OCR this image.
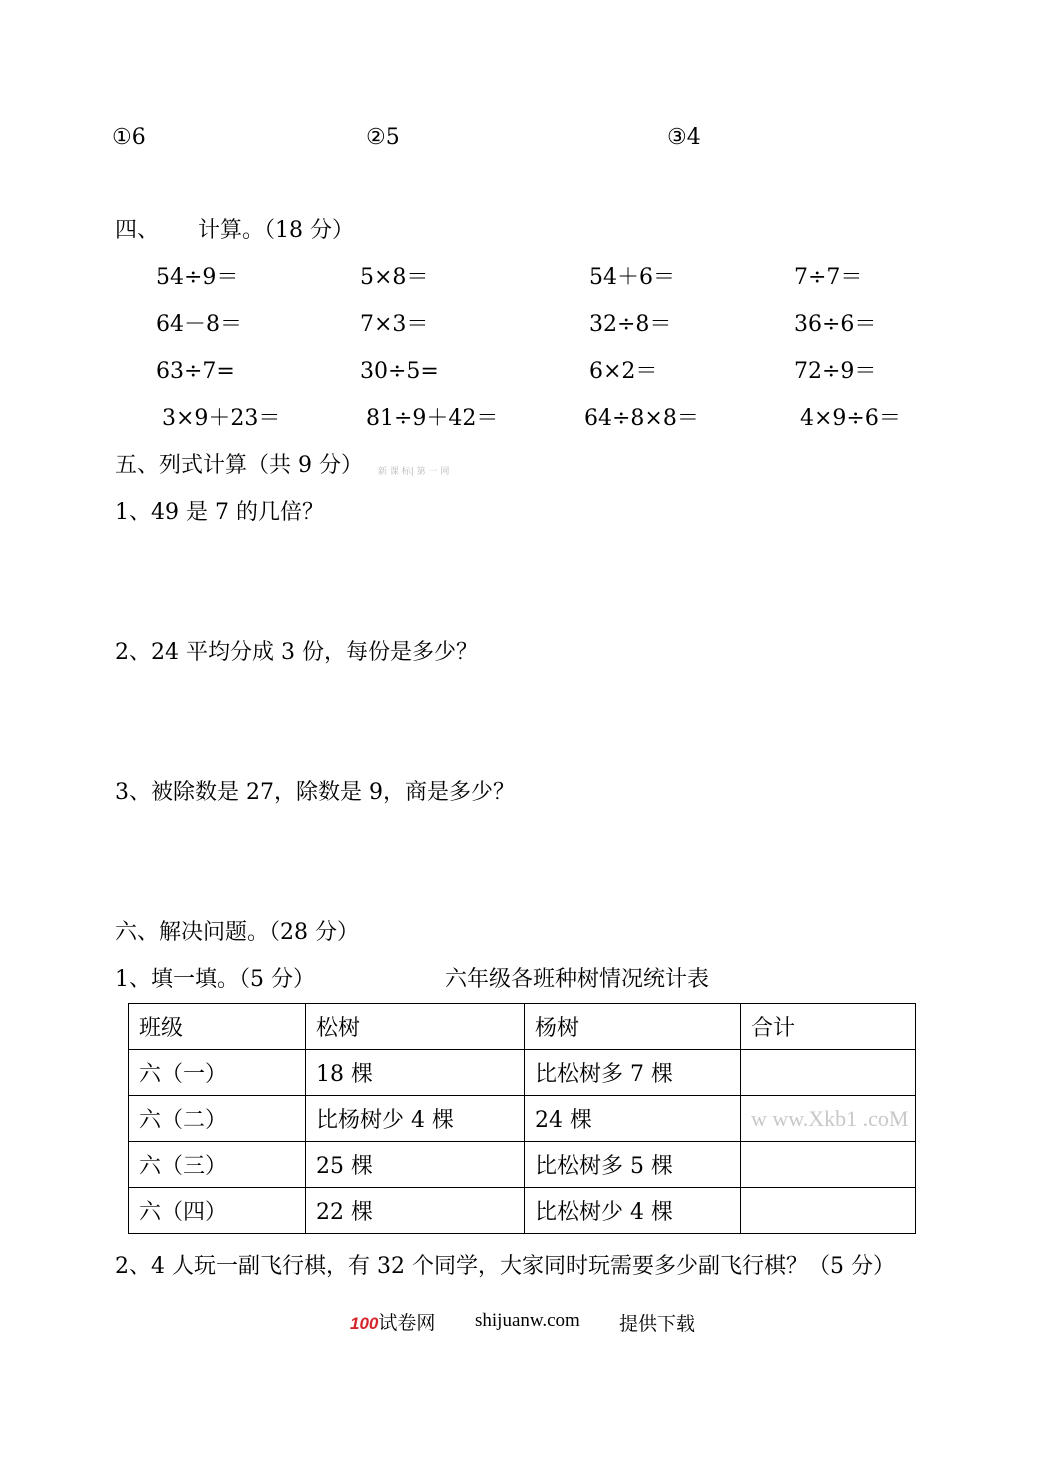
①6	②5	③4
四、 计算。（18 分）
54÷9＝	5×8＝	54＋6＝	7÷7＝
64－8＝	7×3＝	32÷8＝	36÷6＝
63÷7=	30÷5=	6×2＝	72÷9＝
3×9＋23＝	81÷9＋42＝	64÷8×8＝	4×9÷6＝
五、列式计算（共 9 分） 新 课 标| 第 一 网
1、49 是 7 的几倍？
2、24 平均分成 3 份，每份是多少？
3、被除数是 27，除数是 9，商是多少？
六、解决问题。（28 分）
1、填一填。（5 分）	六年级各班种树情况统计表
班级	松树	杨树	合计
六（一）	18 棵	比松树多 7 棵	
六（二）	比杨树少 4 棵	24 棵	w ww.Xkb1 .coM
六（三）	25 棵	比松树多 5 棵	
六（四）	22 棵	比松树少 4 棵	
2、4 人玩一副飞行棋，有 32 个同学，大家同时玩需要多少副飞行棋？（5 分）
100试卷网 shijuanw.com 提供下载
